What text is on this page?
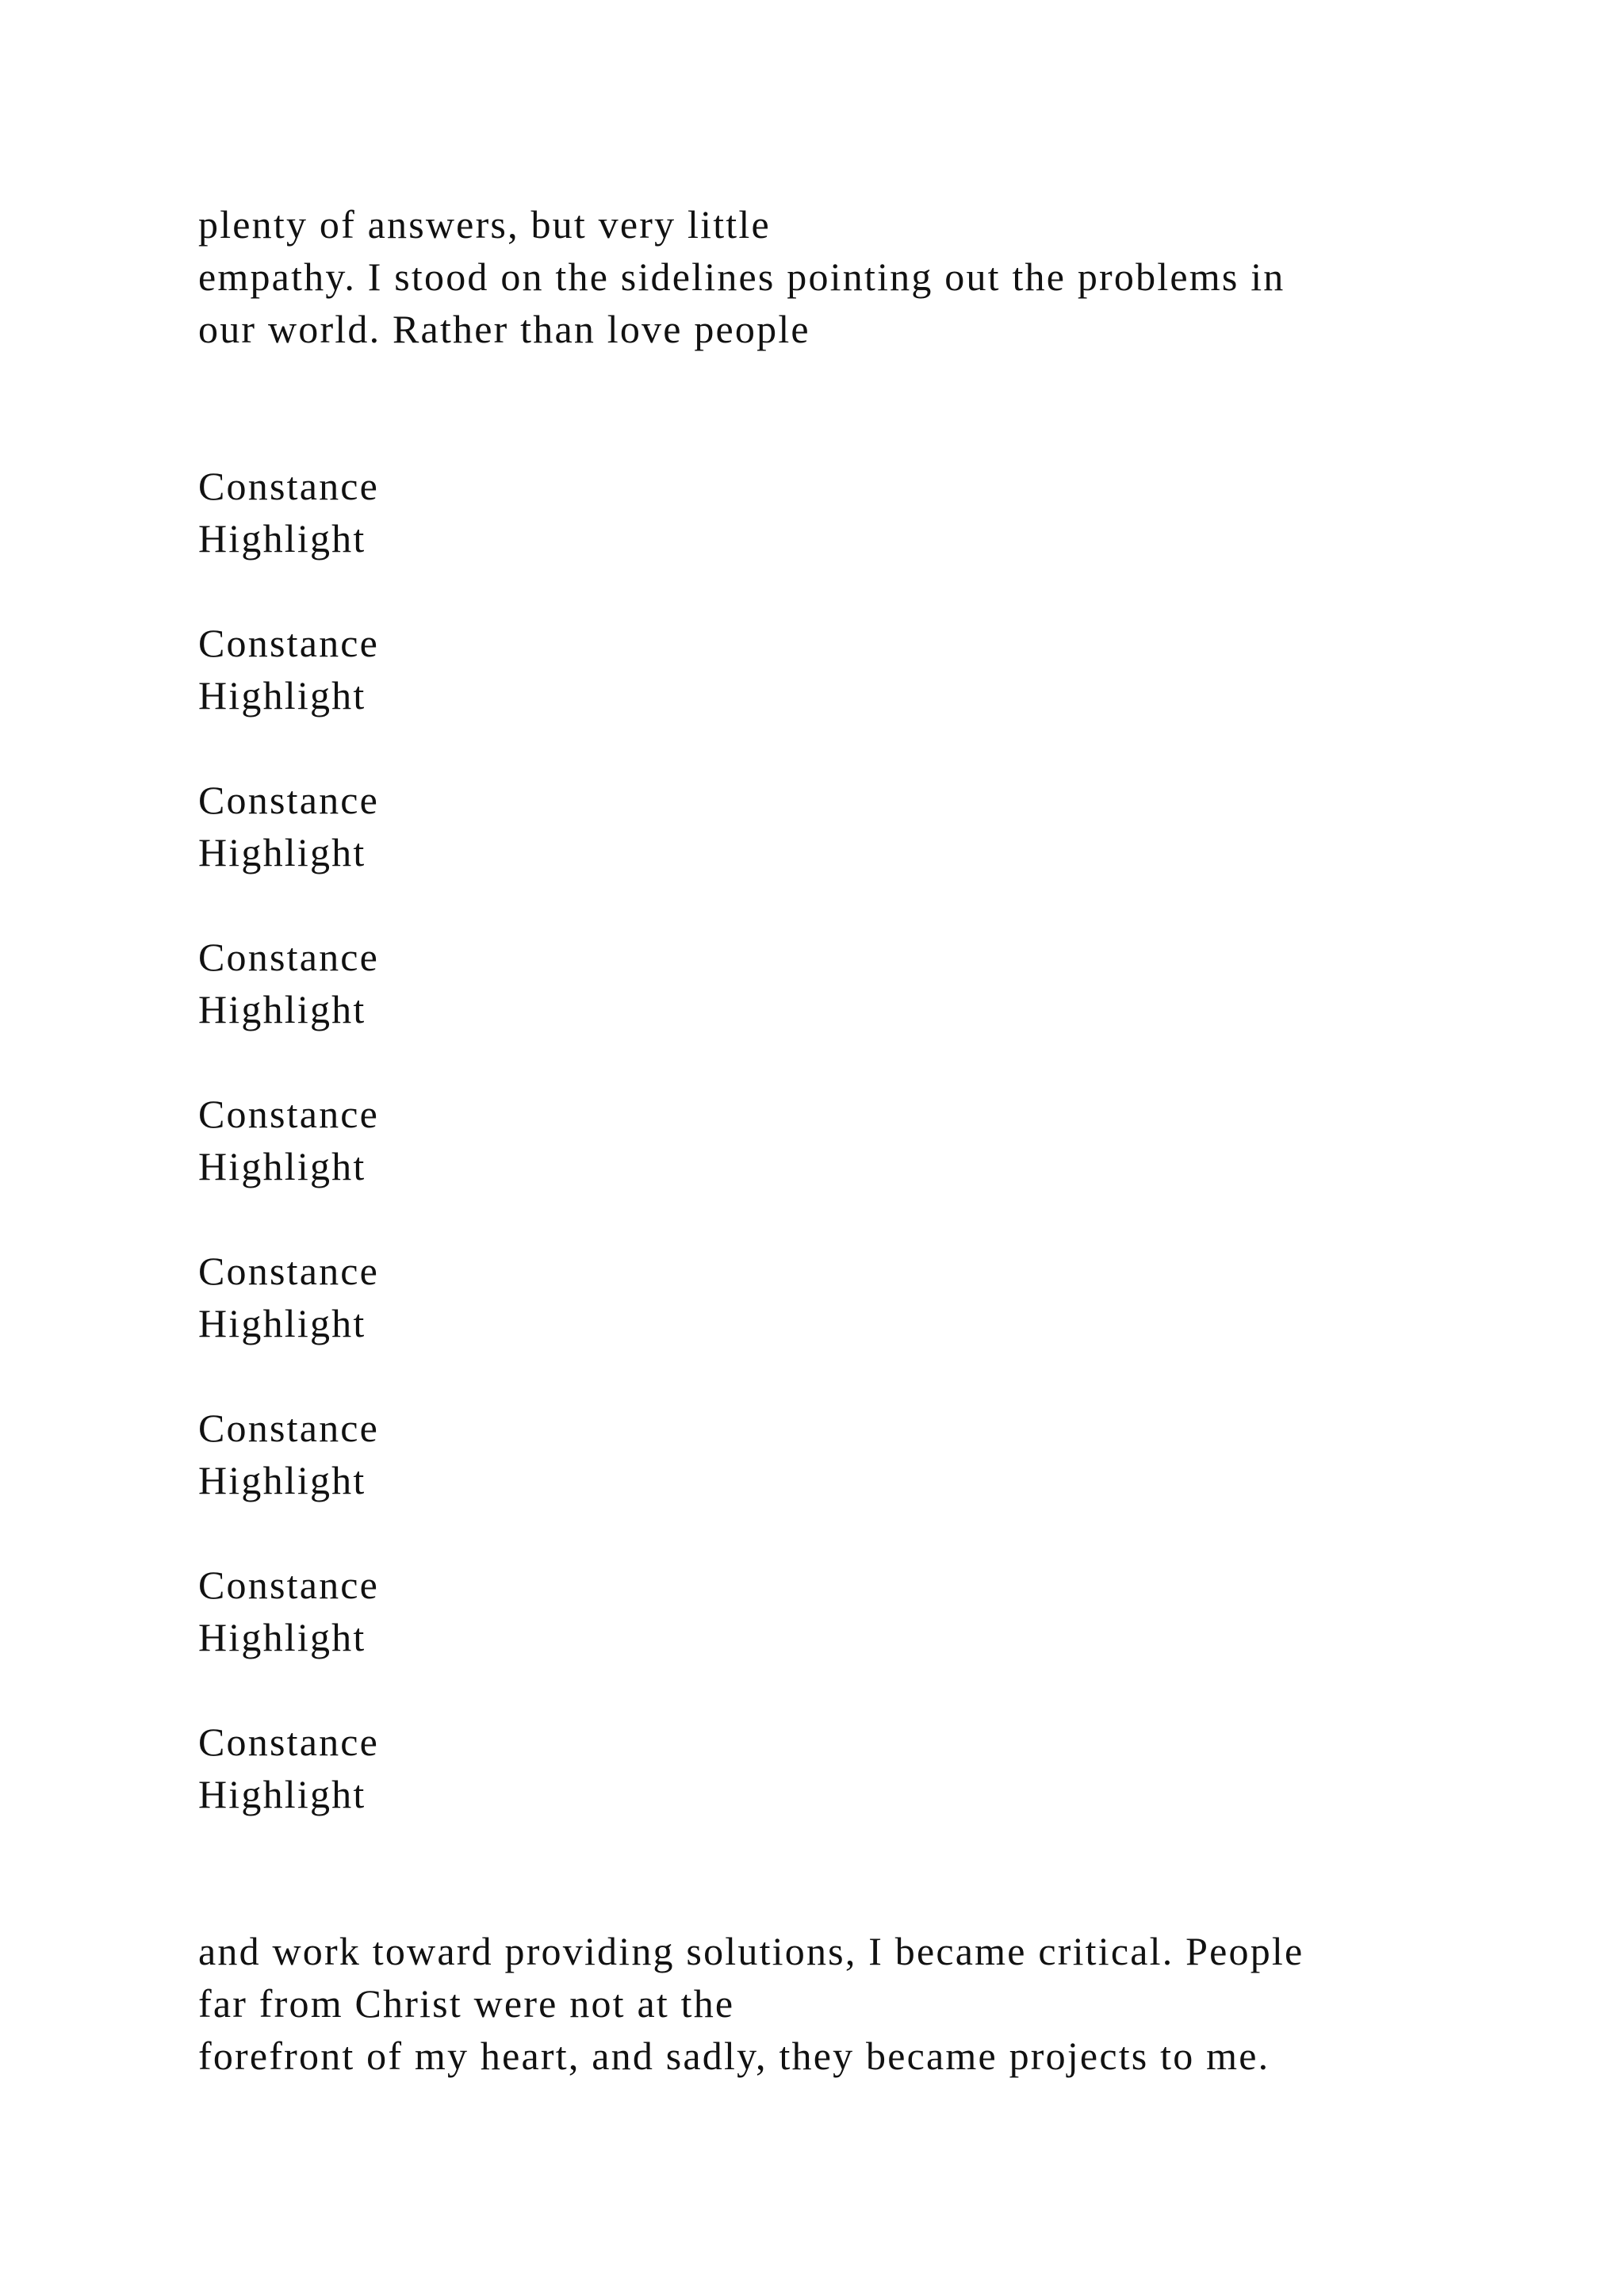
plenty of answers, but very little

empathy. I stood on the sidelines pointing out the problems in

our world. Rather than love people

Constance

Highlight

Constance

Highlight

Constance

Highlight

Constance

Highlight

Constance

Highlight

Constance

Highlight

Constance

Highlight

Constance

Highlight

Constance

Highlight

and work toward providing solutions, I became critical. People

far from Christ were not at the

forefront of my heart, and sadly, they became projects to me.
